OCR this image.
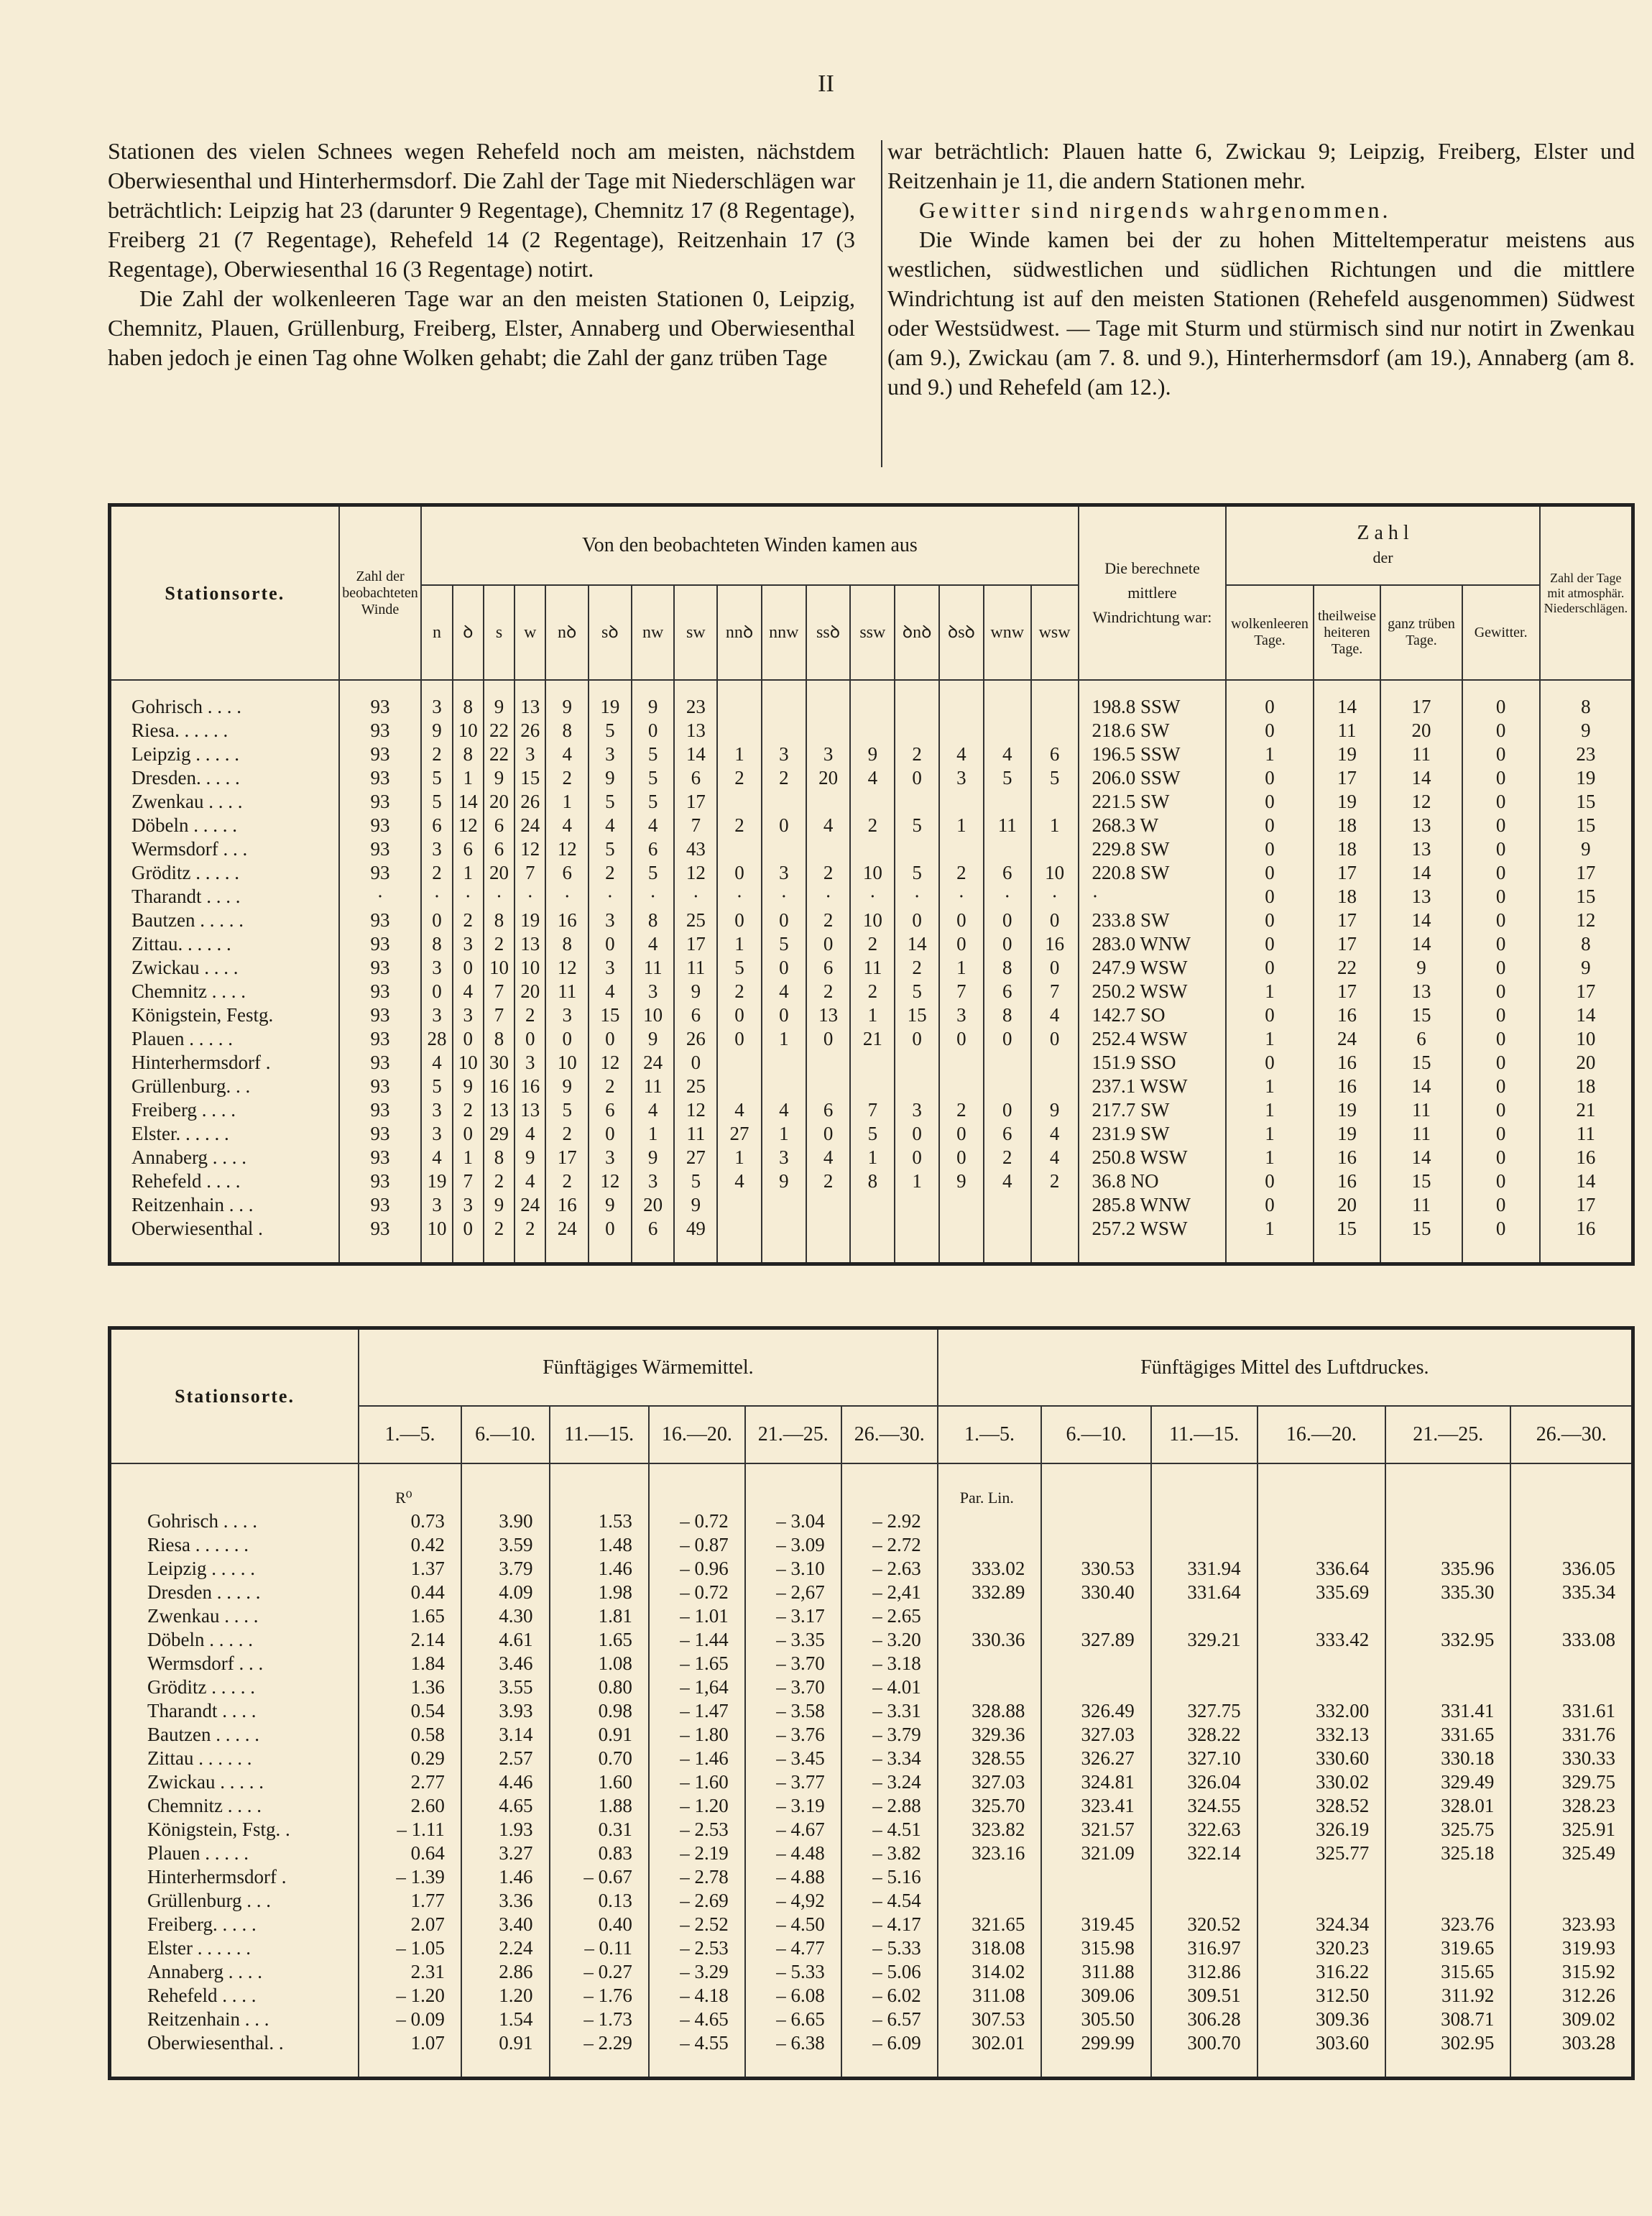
II

Stationen des vielen Schnees wegen Rehefeld noch am meisten, nächstdem Oberwiesenthal und Hinterhermsdorf. Die Zahl der Tage mit Niederschlägen war beträchtlich: Leipzig hat 23 (darunter 9 Regentage), Chemnitz 17 (8 Regentage), Freiberg 21 (7 Regentage), Rehefeld 14 (2 Regentage), Reitzenhain 17 (3 Regentage), Oberwiesenthal 16 (3 Regentage) notirt.

Die Zahl der wolkenleeren Tage war an den meisten Stationen 0, Leipzig, Chemnitz, Plauen, Grüllenburg, Freiberg, Elster, Annaberg und Oberwiesenthal haben jedoch je einen Tag ohne Wolken gehabt; die Zahl der ganz trüben Tage

war beträchtlich: Plauen hatte 6, Zwickau 9; Leipzig, Freiberg, Elster und Reitzenhain je 11, die andern Stationen mehr.

Gewitter sind nirgends wahrgenommen.

Die Winde kamen bei der zu hohen Mitteltemperatur meistens aus westlichen, südwestlichen und südlichen Richtungen und die mittlere Windrichtung ist auf den meisten Stationen (Rehefeld ausgenommen) Südwest oder Westsüdwest. — Tage mit Sturm und stürmisch sind nur notirt in Zwenkau (am 9.), Zwickau (am 7. 8. und 9.), Hinterhermsdorf (am 19.), Annaberg (am 8. und 9.) und Rehefeld (am 12.).

Stationsorte.	Zahl der beobachteten Winde	Von den beobachteten Winden kamen aus																Die berechnete mittlere Windrichtung war:	Z a h l
der				Zahl der Tage mit atmosphär. Niederschlägen.
		n	ꝺ	s	w	nꝺ	sꝺ	nw	sw	nnꝺ	nnw	ssꝺ	ssw	ꝺnꝺ	ꝺsꝺ	wnw	wsw		wolkenleeren Tage.	theilweise heiteren Tage.	ganz trüben Tage.	Gewitter.	
Gohrisch . . . .	93	3	8	9	13	9	19	9	23									198.8 SSW	0	14	17	0	8
Riesa. . . . . .	93	9	10	22	26	8	5	0	13									218.6 SW	0	11	20	0	9
Leipzig . . . . .	93	2	8	22	3	4	3	5	14	1	3	3	9	2	4	4	6	196.5 SSW	1	19	11	0	23
Dresden. . . . .	93	5	1	9	15	2	9	5	6	2	2	20	4	0	3	5	5	206.0 SSW	0	17	14	0	19
Zwenkau . . . .	93	5	14	20	26	1	5	5	17									221.5 SW	0	19	12	0	15
Döbeln . . . . .	93	6	12	6	24	4	4	4	7	2	0	4	2	5	1	11	1	268.3 W	0	18	13	0	15
Wermsdorf . . .	93	3	6	6	12	12	5	6	43									229.8 SW	0	18	13	0	9
Gröditz . . . . .	93	2	1	20	7	6	2	5	12	0	3	2	10	5	2	6	10	220.8 SW	0	17	14	0	17
Tharandt . . . .	·	·	·	·	·	·	·	·	·	·	·	·	·	·	·	·	·	·	0	18	13	0	15
Bautzen . . . . .	93	0	2	8	19	16	3	8	25	0	0	2	10	0	0	0	0	233.8 SW	0	17	14	0	12
Zittau. . . . . .	93	8	3	2	13	8	0	4	17	1	5	0	2	14	0	0	16	283.0 WNW	0	17	14	0	8
Zwickau . . . .	93	3	0	10	10	12	3	11	11	5	0	6	11	2	1	8	0	247.9 WSW	0	22	9	0	9
Chemnitz . . . .	93	0	4	7	20	11	4	3	9	2	4	2	2	5	7	6	7	250.2 WSW	1	17	13	0	17
Königstein, Festg.	93	3	3	7	2	3	15	10	6	0	0	13	1	15	3	8	4	142.7 SO	0	16	15	0	14
Plauen . . . . .	93	28	0	8	0	0	0	9	26	0	1	0	21	0	0	0	0	252.4 WSW	1	24	6	0	10
Hinterhermsdorf .	93	4	10	30	3	10	12	24	0									151.9 SSO	0	16	15	0	20
Grüllenburg. . .	93	5	9	16	16	9	2	11	25									237.1 WSW	1	16	14	0	18
Freiberg . . . .	93	3	2	13	13	5	6	4	12	4	4	6	7	3	2	0	9	217.7 SW	1	19	11	0	21
Elster. . . . . .	93	3	0	29	4	2	0	1	11	27	1	0	5	0	0	6	4	231.9 SW	1	19	11	0	11
Annaberg . . . .	93	4	1	8	9	17	3	9	27	1	3	4	1	0	0	2	4	250.8 WSW	1	16	14	0	16
Rehefeld . . . .	93	19	7	2	4	2	12	3	5	4	9	2	8	1	9	4	2	36.8 NO	0	16	15	0	14
Reitzenhain . . .	93	3	3	9	24	16	9	20	9									285.8 WNW	0	20	11	0	17
Oberwiesenthal .	93	10	0	2	2	24	0	6	49									257.2 WSW	1	15	15	0	16
Stationsorte.	Fünftägiges Wärmemittel.						Fünftägiges Mittel des Luftdruckes.					
	1.—5.	6.—10.	11.—15.	16.—20.	21.—25.	26.—30.	1.—5.	6.—10.	11.—15.	16.—20.	21.—25.	26.—30.
	R⁰						Par. Lin.					
Gohrisch . . . .	0.73	3.90	1.53	– 0.72	– 3.04	– 2.92						
Riesa . . . . . .	0.42	3.59	1.48	– 0.87	– 3.09	– 2.72						
Leipzig . . . . .	1.37	3.79	1.46	– 0.96	– 3.10	– 2.63	333.02	330.53	331.94	336.64	335.96	336.05
Dresden . . . . .	0.44	4.09	1.98	– 0.72	– 2,67	– 2,41	332.89	330.40	331.64	335.69	335.30	335.34
Zwenkau . . . .	1.65	4.30	1.81	– 1.01	– 3.17	– 2.65						
Döbeln . . . . .	2.14	4.61	1.65	– 1.44	– 3.35	– 3.20	330.36	327.89	329.21	333.42	332.95	333.08
Wermsdorf . . .	1.84	3.46	1.08	– 1.65	– 3.70	– 3.18						
Gröditz . . . . .	1.36	3.55	0.80	– 1,64	– 3.70	– 4.01						
Tharandt . . . .	0.54	3.93	0.98	– 1.47	– 3.58	– 3.31	328.88	326.49	327.75	332.00	331.41	331.61
Bautzen . . . . .	0.58	3.14	0.91	– 1.80	– 3.76	– 3.79	329.36	327.03	328.22	332.13	331.65	331.76
Zittau . . . . . .	0.29	2.57	0.70	– 1.46	– 3.45	– 3.34	328.55	326.27	327.10	330.60	330.18	330.33
Zwickau . . . . .	2.77	4.46	1.60	– 1.60	– 3.77	– 3.24	327.03	324.81	326.04	330.02	329.49	329.75
Chemnitz . . . .	2.60	4.65	1.88	– 1.20	– 3.19	– 2.88	325.70	323.41	324.55	328.52	328.01	328.23
Königstein, Fstg. .	– 1.11	1.93	0.31	– 2.53	– 4.67	– 4.51	323.82	321.57	322.63	326.19	325.75	325.91
Plauen . . . . .	0.64	3.27	0.83	– 2.19	– 4.48	– 3.82	323.16	321.09	322.14	325.77	325.18	325.49
Hinterhermsdorf .	– 1.39	1.46	– 0.67	– 2.78	– 4.88	– 5.16						
Grüllenburg . . .	1.77	3.36	0.13	– 2.69	– 4,92	– 4.54						
Freiberg. . . . .	2.07	3.40	0.40	– 2.52	– 4.50	– 4.17	321.65	319.45	320.52	324.34	323.76	323.93
Elster . . . . . .	– 1.05	2.24	– 0.11	– 2.53	– 4.77	– 5.33	318.08	315.98	316.97	320.23	319.65	319.93
Annaberg . . . .	2.31	2.86	– 0.27	– 3.29	– 5.33	– 5.06	314.02	311.88	312.86	316.22	315.65	315.92
Rehefeld . . . .	– 1.20	1.20	– 1.76	– 4.18	– 6.08	– 6.02	311.08	309.06	309.51	312.50	311.92	312.26
Reitzenhain . . .	– 0.09	1.54	– 1.73	– 4.65	– 6.65	– 6.57	307.53	305.50	306.28	309.36	308.71	309.02
Oberwiesenthal. .	1.07	0.91	– 2.29	– 4.55	– 6.38	– 6.09	302.01	299.99	300.70	303.60	302.95	303.28
